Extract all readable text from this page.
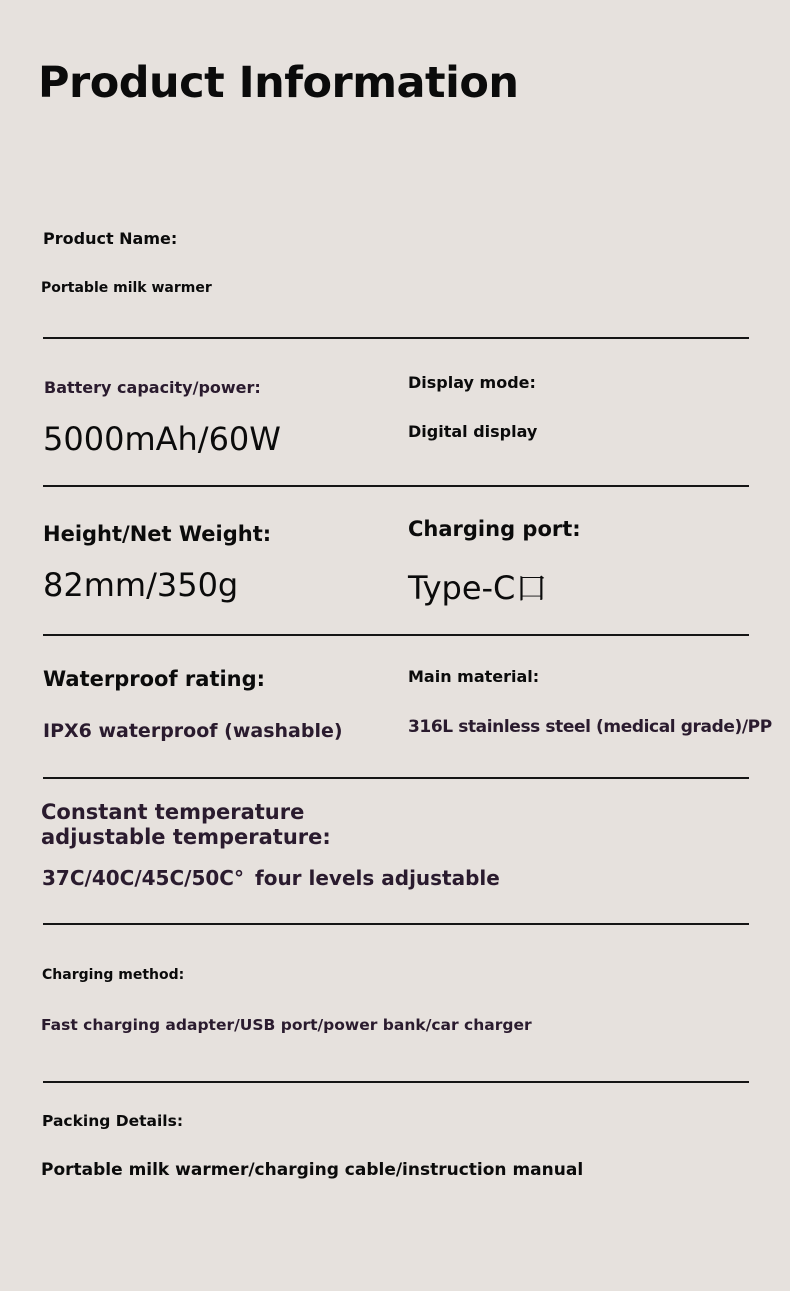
Product Information
Product Name:
Portable milk warmer
Battery capacity/power:
5000mAh/60W
Display mode:
Digital display
Height/Net Weight:
82mm/350g
Charging port:
Type-C口
Waterproof rating:
IPX6 waterproof (washable)
Main material:
316L stainless steel (medical grade)/PP
Constant temperature
adjustable temperature:
37C/40C/45C/50C° four levels adjustable
Charging method:
Fast charging adapter/USB port/power bank/car charger
Packing Details:
Portable milk warmer/charging cable/instruction manual
